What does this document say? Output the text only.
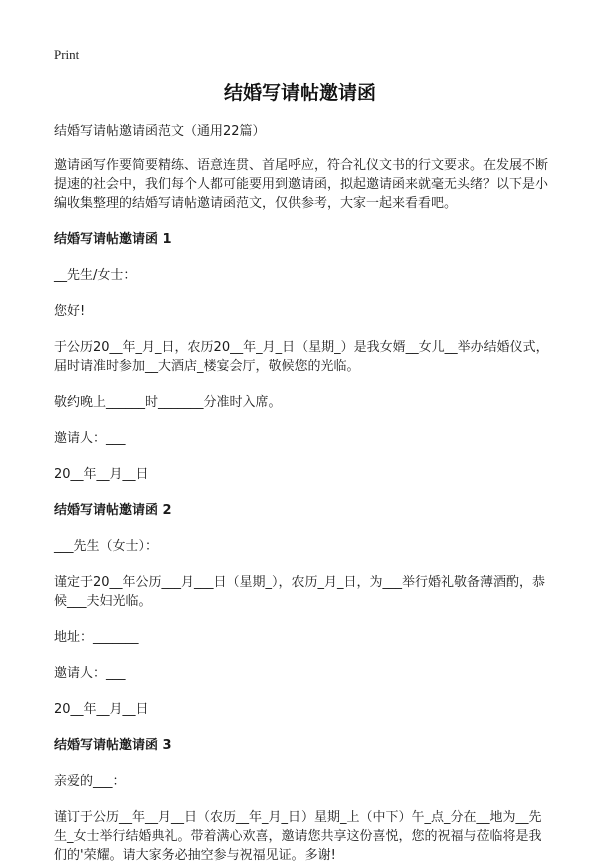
Print
结婚写请帖邀请函

结婚写请帖邀请函范文（通用22篇）

邀请函写作要简要精练、语意连贯、首尾呼应，符合礼仪文书的行文要求。在发展不断提速的社会中，我们每个人都可能要用到邀请函，拟起邀请函来就毫无头绪？以下是小编收集整理的结婚写请帖邀请函范文，仅供参考，大家一起来看看吧。

结婚写请帖邀请函 1

__先生/女士：

您好!

于公历20__年_月_日，农历20__年_月_日（星期_）是我女婿__女儿__举办结婚仪式，届时请准时参加__大酒店_楼宴会厅，敬候您的光临。

敬约晚上______时_______分准时入席。

邀请人：___

20__年__月__日

结婚写请帖邀请函 2

___先生（女士）：

谨定于20__年公历___月___日（星期_），农历_月_日，为___举行婚礼敬备薄酒酌，恭候___夫妇光临。

地址：_______

邀请人：___

20__年__月__日

结婚写请帖邀请函 3

亲爱的___：

谨订于公历__年__月__日（农历__年_月_日）星期_上（中下）午_点_分在__地为__先生_女士举行结婚典礼。带着满心欢喜，邀请您共享这份喜悦，您的祝福与莅临将是我们的'荣耀。请大家务必抽空参与祝福见证。多谢!
